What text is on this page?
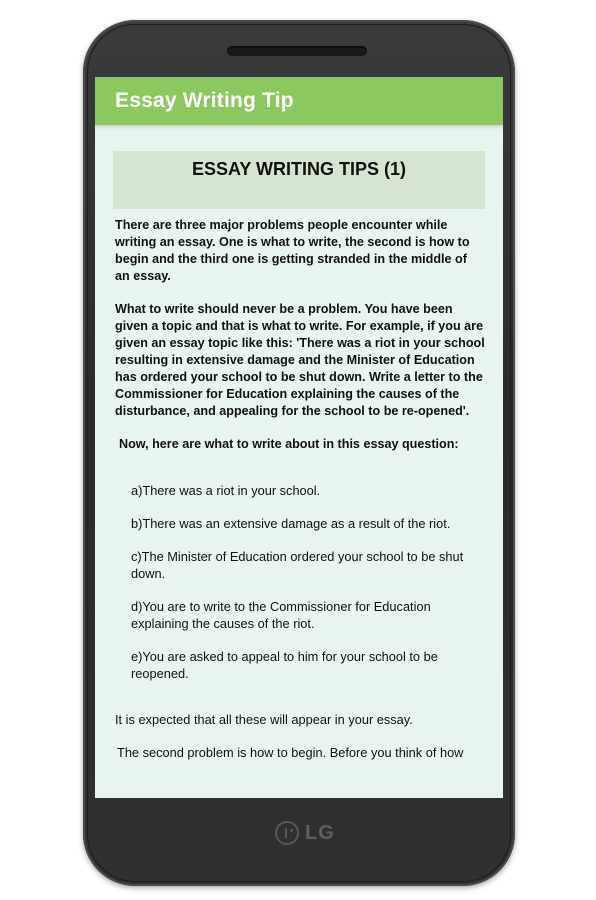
Essay Writing Tip
ESSAY WRITING TIPS (1)

There are three major problems people encounter while writing an essay. One is what to write, the second is how to begin and the third one is getting stranded in the middle of an essay.

What to write should never be a problem. You have been given a topic and that is what to write. For example, if you are given an essay topic like this: 'There was a riot in your school resulting in extensive damage and the Minister of Education has ordered your school to be shut down. Write a letter to the Commissioner for Education explaining the causes of the disturbance, and appealing for the school to be re-opened'.

Now, here are what to write about in this essay question:

a)There was a riot in your school.

b)There was an extensive damage as a result of the riot.

c)The Minister of Education ordered your school to be shut down.

d)You are to write to the Commissioner for Education explaining the causes of the riot.

e)You are asked to appeal to him for your school to be reopened.

It is expected that all these will appear in your essay.

The second problem is how to begin. Before you think of how

LG
